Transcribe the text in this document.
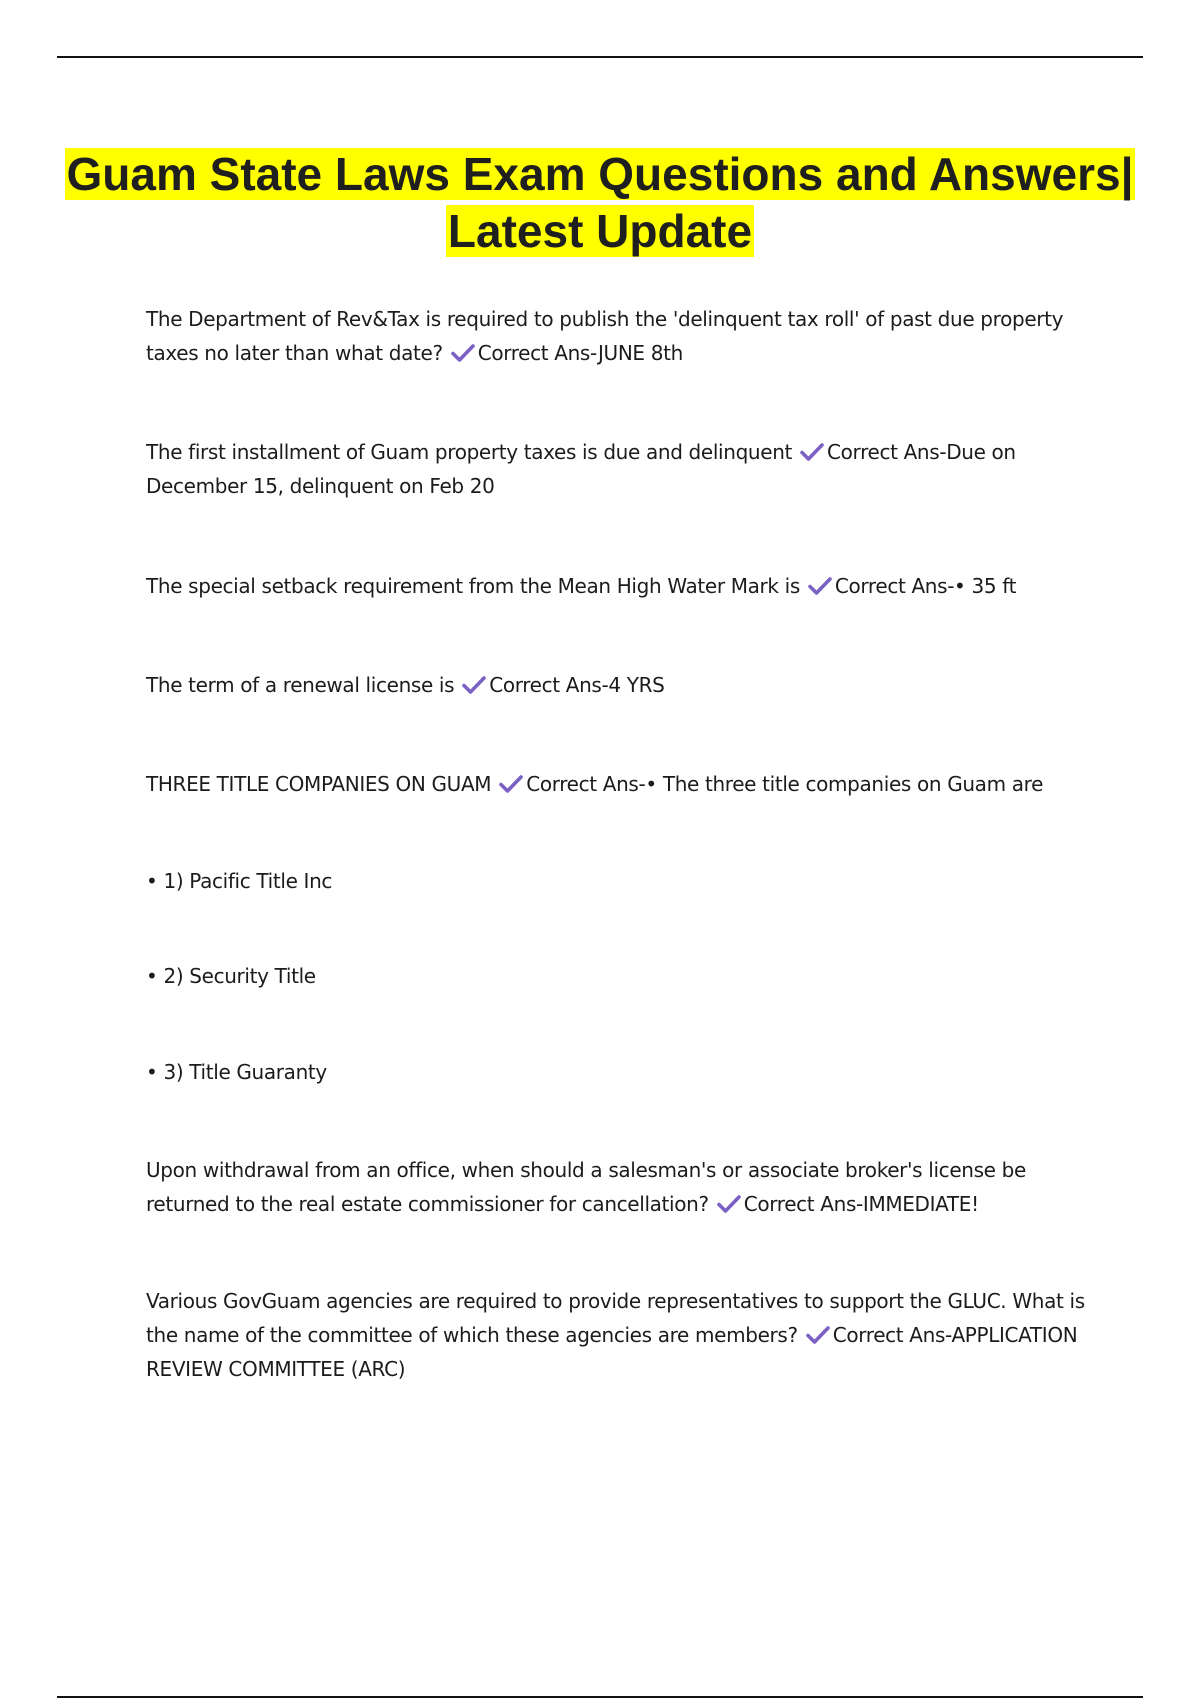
Guam State Laws Exam Questions and Answers| Latest Update
The Department of Rev&Tax is required to publish the 'delinquent tax roll' of past due property taxes no later than what date? Correct Ans-JUNE 8th
The first installment of Guam property taxes is due and delinquent Correct Ans-Due on December 15, delinquent on Feb 20
The special setback requirement from the Mean High Water Mark is Correct Ans-• 35 ft
The term of a renewal license is Correct Ans-4 YRS
THREE TITLE COMPANIES ON GUAM Correct Ans-• The three title companies on Guam are
• 1) Pacific Title Inc
• 2) Security Title
• 3) Title Guaranty
Upon withdrawal from an office, when should a salesman's or associate broker's license be returned to the real estate commissioner for cancellation? Correct Ans-IMMEDIATE!
Various GovGuam agencies are required to provide representatives to support the GLUC. What is the name of the committee of which these agencies are members? Correct Ans-APPLICATION REVIEW COMMITTEE (ARC)
